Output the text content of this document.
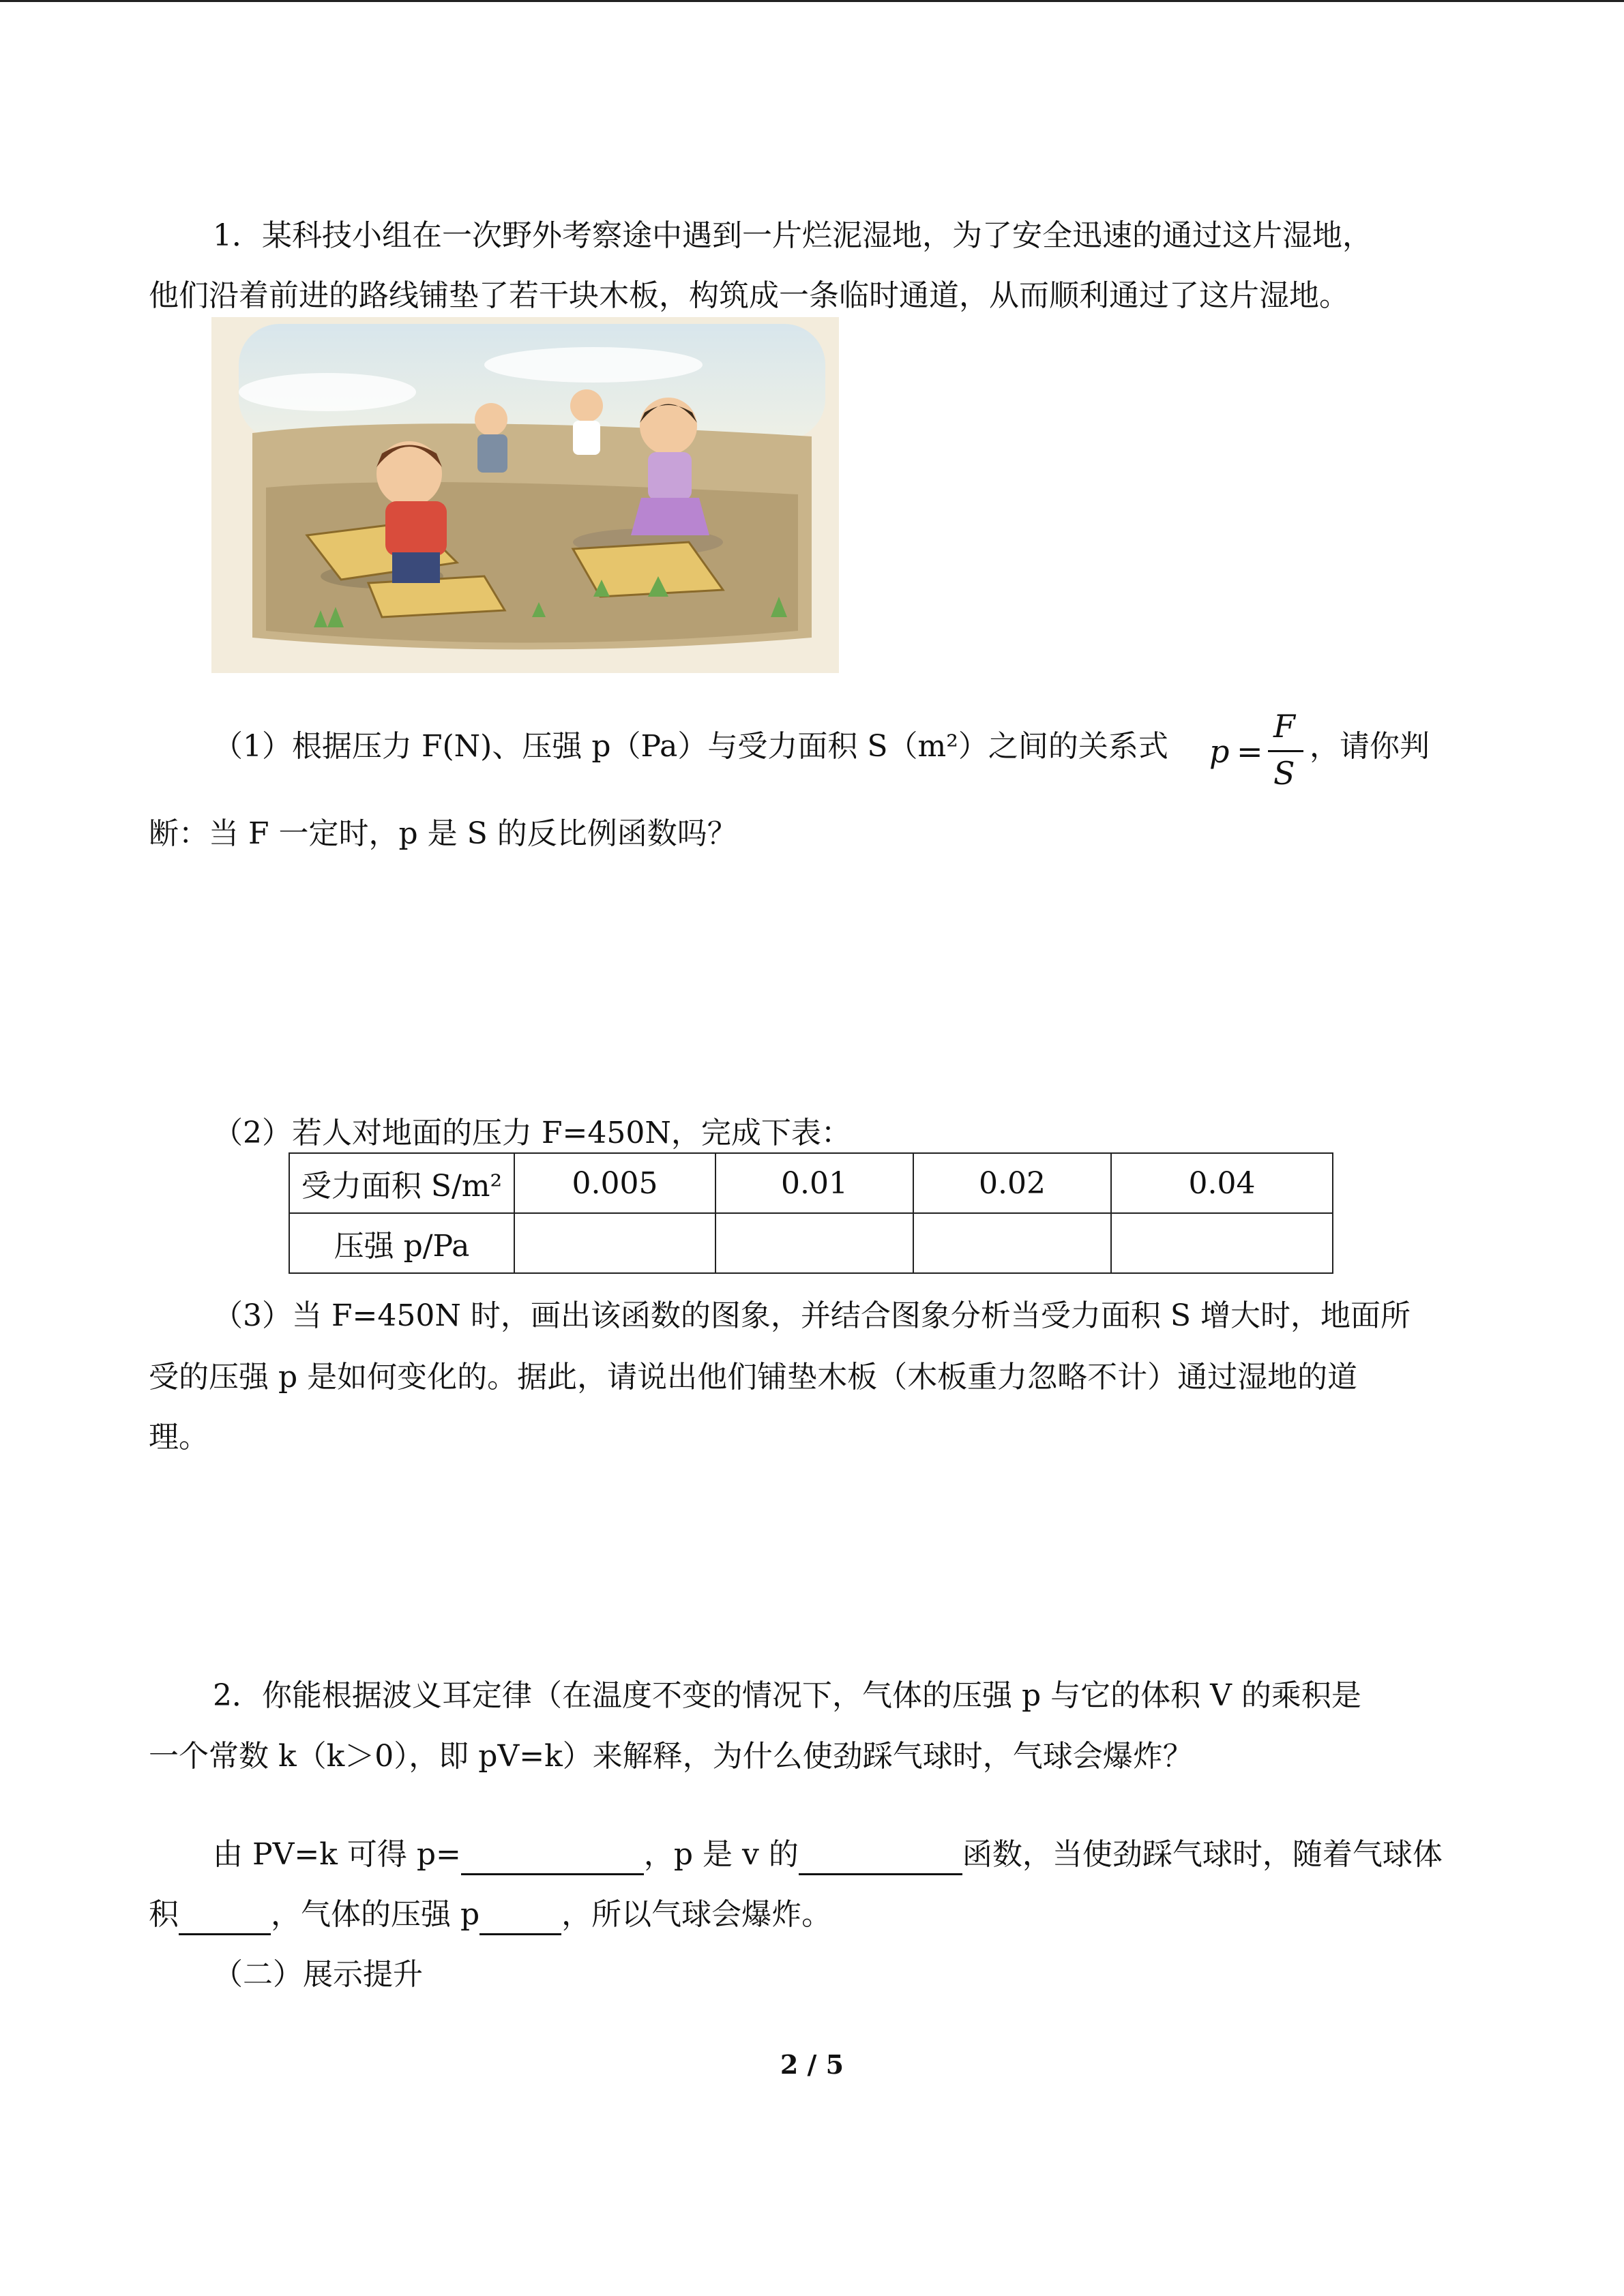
1．某科技小组在一次野外考察途中遇到一片烂泥湿地，为了安全迅速的通过这片湿地，
他们沿着前进的路线铺垫了若干块木板，构筑成一条临时通道，从而顺利通过了这片湿地。
（1）根据压力 F(N)、压强 p（Pa）与受力面积 S（m²）之间的关系式	p =
F
S
，请你判
断：当 F 一定时，p 是 S 的反比例函数吗？
（2）若人对地面的压力 F=450N，完成下表：
受力面积 S/m²	0.005	0.01	0.02	0.04
压强 p/Pa				
（3）当 F=450N 时，画出该函数的图象，并结合图象分析当受力面积 S 增大时，地面所
受的压强 p 是如何变化的。据此，请说出他们铺垫木板（木板重力忽略不计）通过湿地的道
理。
2．你能根据波义耳定律（在温度不变的情况下，气体的压强 p 与它的体积 V 的乘积是
一个常数 k（k＞0），即 pV=k）来解释，为什么使劲踩气球时，气球会爆炸？
由 PV=k 可得 p=	，p 是 v 的	函数，当使劲踩气球时，随着气球体
积	，气体的压强 p	，所以气球会爆炸。
（二）展示提升
2 / 5
